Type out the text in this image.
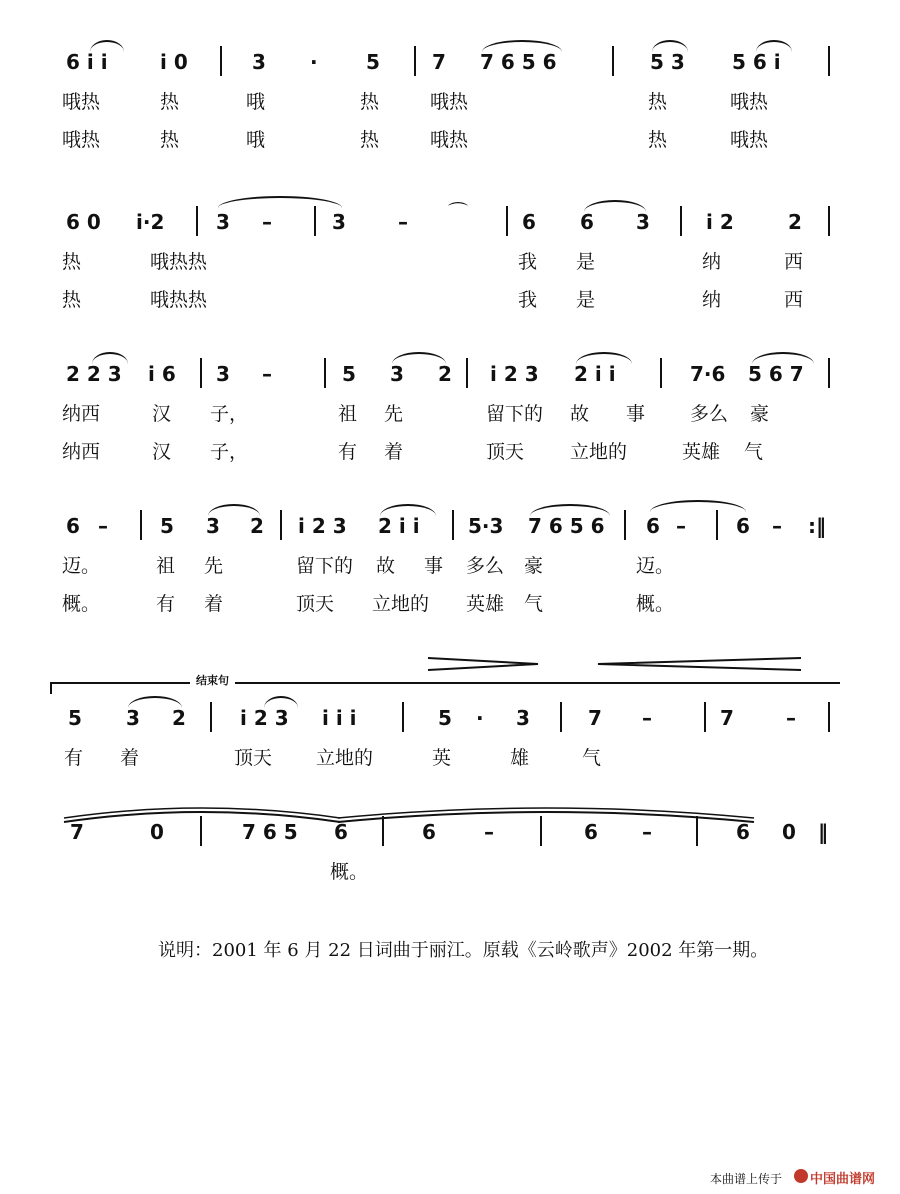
6 i i	i 0	3 · 5	7 7 6 5 6	5 3 5 6 i
哦热	热	哦	热	哦热	热	哦热
哦热	热	哦	热	哦热	热	哦热
6 0 i·2	3 –	3	–	6 6 3	i 2	2
⌒
热	哦热热	我 是	纳	西
热	哦热热	我 是	纳	西
2 2 3 i 6 3 –	5 3 2 i 2 3 2 i i	7·6 5 6 7
纳西	汉 子，	祖 先	留下的 故 事 多么 豪
纳西	汉 子，	有 着	顶天 立地的	英雄 气
6 –	5 3 2 i 2 3 2 i i 5·3 7 6 5 6 6 –	6 – :‖
迈。	祖 先	留下的 故 事 多么 豪	迈。
概。	有 着	顶天 立地的 英雄 气	概。
结束句
5 3 2	i 2 3 i i i	5 · 3	7 –	7	–
有 着	顶天 立地的	英	雄	气
7	0	7 6 5 6	6 –	6 –	6 0 ‖
概。
说明：2001 年 6 月 22 日词曲于丽江。原载《云岭歌声》2002 年第一期。
本曲谱上传于 中国曲谱网
